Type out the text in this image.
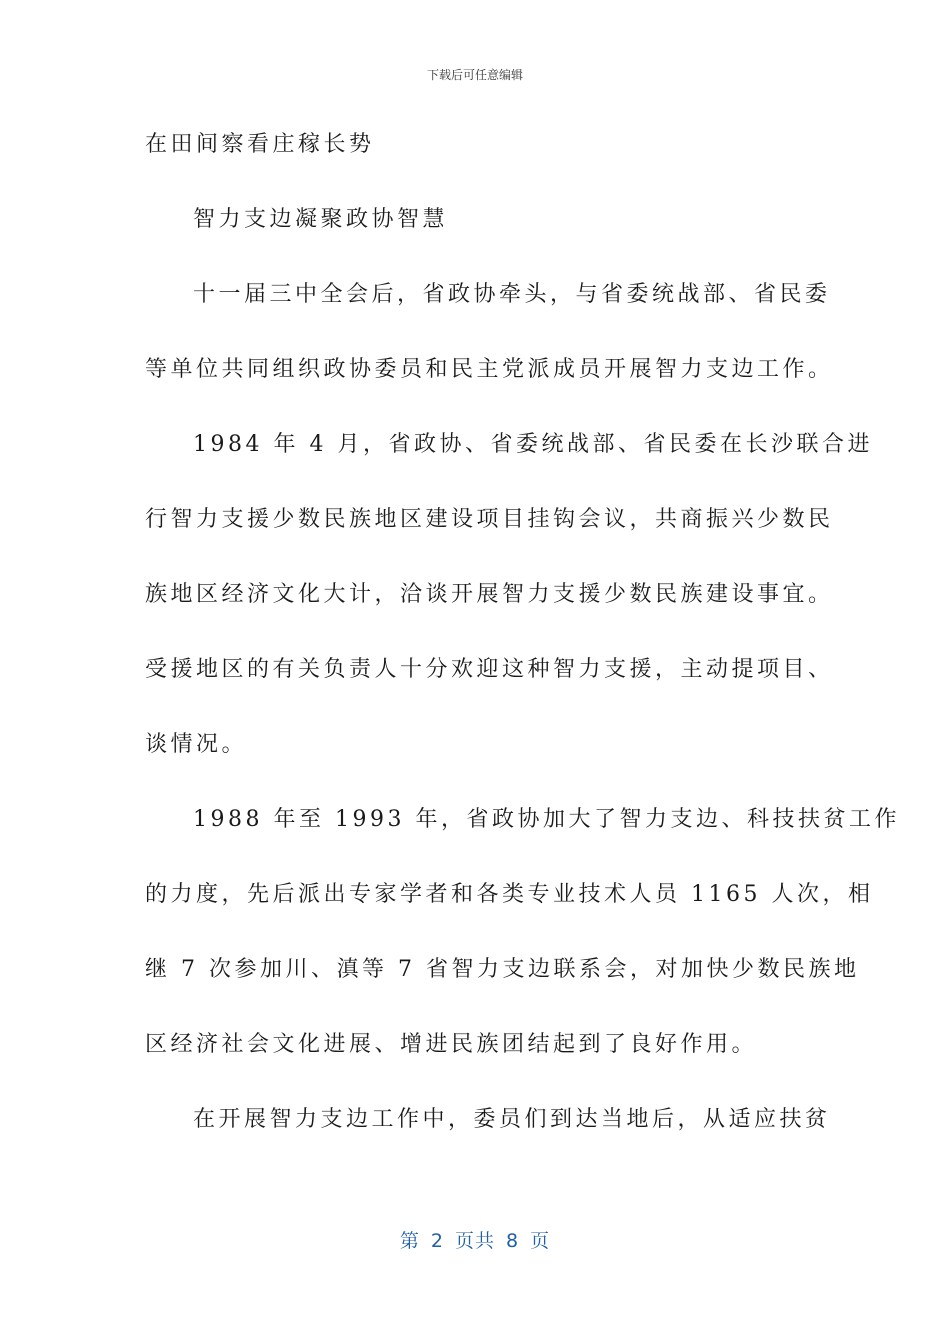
下载后可任意编辑
在田间察看庄稼长势
智力支边凝聚政协智慧
十一届三中全会后，省政协牵头，与省委统战部、省民委
等单位共同组织政协委员和民主党派成员开展智力支边工作。
1984 年 4 月，省政协、省委统战部、省民委在长沙联合进
行智力支援少数民族地区建设项目挂钩会议，共商振兴少数民
族地区经济文化大计，洽谈开展智力支援少数民族建设事宜。
受援地区的有关负责人十分欢迎这种智力支援，主动提项目、
谈情况。
1988 年至 1993 年，省政协加大了智力支边、科技扶贫工作
的力度，先后派出专家学者和各类专业技术人员 1165 人次，相
继 7 次参加川、滇等 7 省智力支边联系会，对加快少数民族地
区经济社会文化进展、增进民族团结起到了良好作用。
在开展智力支边工作中，委员们到达当地后，从适应扶贫
第 2 页共 8 页
